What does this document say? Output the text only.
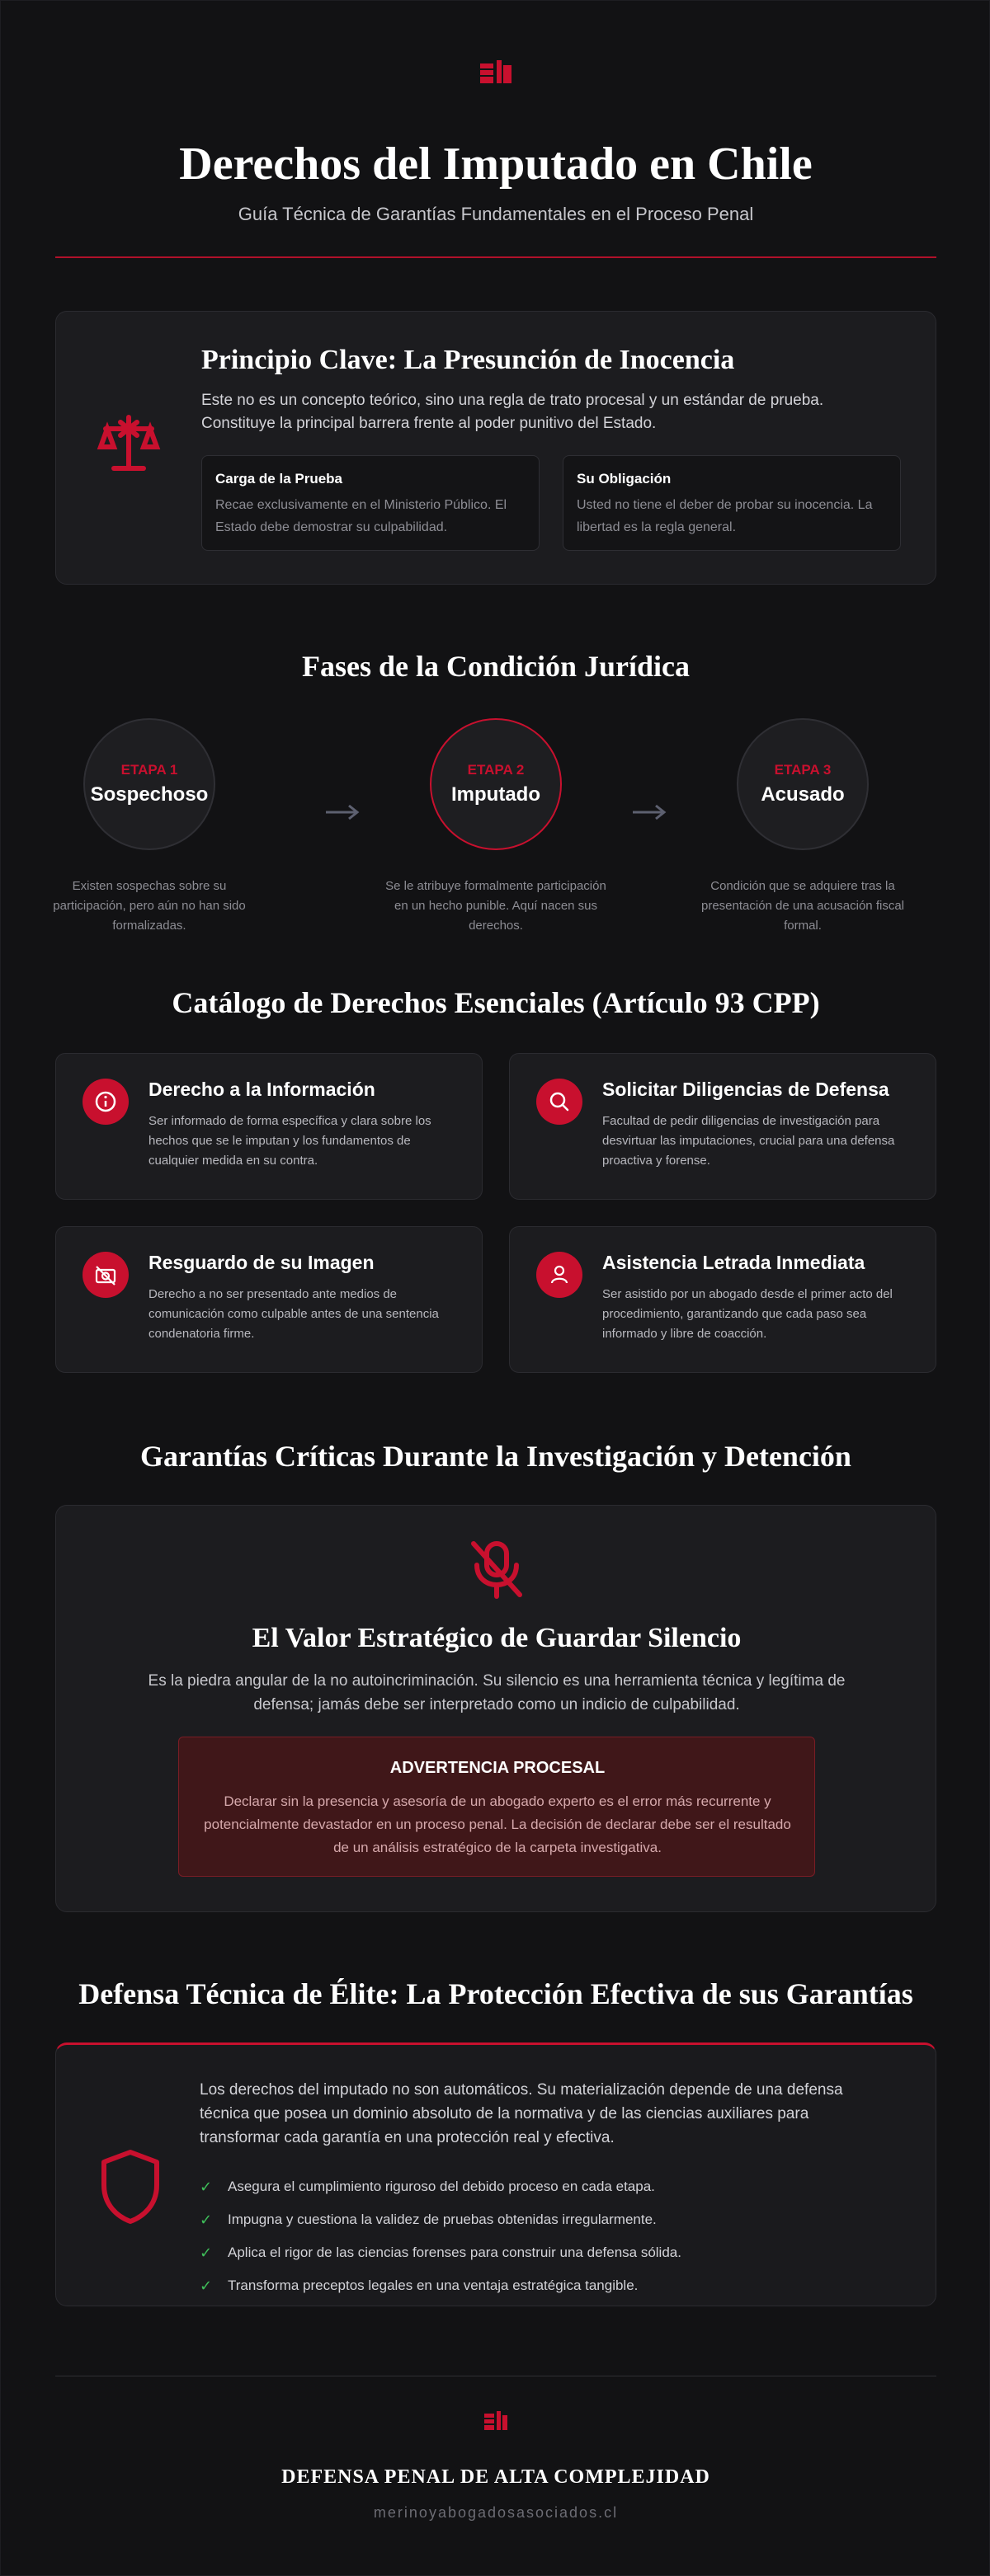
Derechos del Imputado en Chile
Guía Técnica de Garantías Fundamentales en el Proceso Penal
Principio Clave: La Presunción de Inocencia
Este no es un concepto teórico, sino una regla de trato procesal y un estándar de prueba. Constituye la principal barrera frente al poder punitivo del Estado.
Carga de la Prueba
Recae exclusivamente en el Ministerio Público. El Estado debe demostrar su culpabilidad.
Su Obligación
Usted no tiene el deber de probar su inocencia. La libertad es la regla general.
Fases de la Condición Jurídica
ETAPA 1
Sospechoso
Existen sospechas sobre su participación, pero aún no han sido formalizadas.
ETAPA 2
Imputado
Se le atribuye formalmente participación en un hecho punible. Aquí nacen sus derechos.
ETAPA 3
Acusado
Condición que se adquiere tras la presentación de una acusación fiscal formal.
Catálogo de Derechos Esenciales (Artículo 93 CPP)
Derecho a la Información
Ser informado de forma específica y clara sobre los hechos que se le imputan y los fundamentos de cualquier medida en su contra.
Solicitar Diligencias de Defensa
Facultad de pedir diligencias de investigación para desvirtuar las imputaciones, crucial para una defensa proactiva y forense.
Resguardo de su Imagen
Derecho a no ser presentado ante medios de comunicación como culpable antes de una sentencia condenatoria firme.
Asistencia Letrada Inmediata
Ser asistido por un abogado desde el primer acto del procedimiento, garantizando que cada paso sea informado y libre de coacción.
Garantías Críticas Durante la Investigación y Detención
El Valor Estratégico de Guardar Silencio
Es la piedra angular de la no autoincriminación. Su silencio es una herramienta técnica y legítima de defensa; jamás debe ser interpretado como un indicio de culpabilidad.
ADVERTENCIA PROCESAL
Declarar sin la presencia y asesoría de un abogado experto es el error más recurrente y potencialmente devastador en un proceso penal. La decisión de declarar debe ser el resultado de un análisis estratégico de la carpeta investigativa.
Defensa Técnica de Élite: La Protección Efectiva de sus Garantías
Los derechos del imputado no son automáticos. Su materialización depende de una defensa técnica que posea un dominio absoluto de la normativa y de las ciencias auxiliares para transformar cada garantía en una protección real y efectiva.
✓	Asegura el cumplimiento riguroso del debido proceso en cada etapa.
✓	Impugna y cuestiona la validez de pruebas obtenidas irregularmente.
✓	Aplica el rigor de las ciencias forenses para construir una defensa sólida.
✓	Transforma preceptos legales en una ventaja estratégica tangible.
DEFENSA PENAL DE ALTA COMPLEJIDAD
merinoyabogadosasociados.cl
